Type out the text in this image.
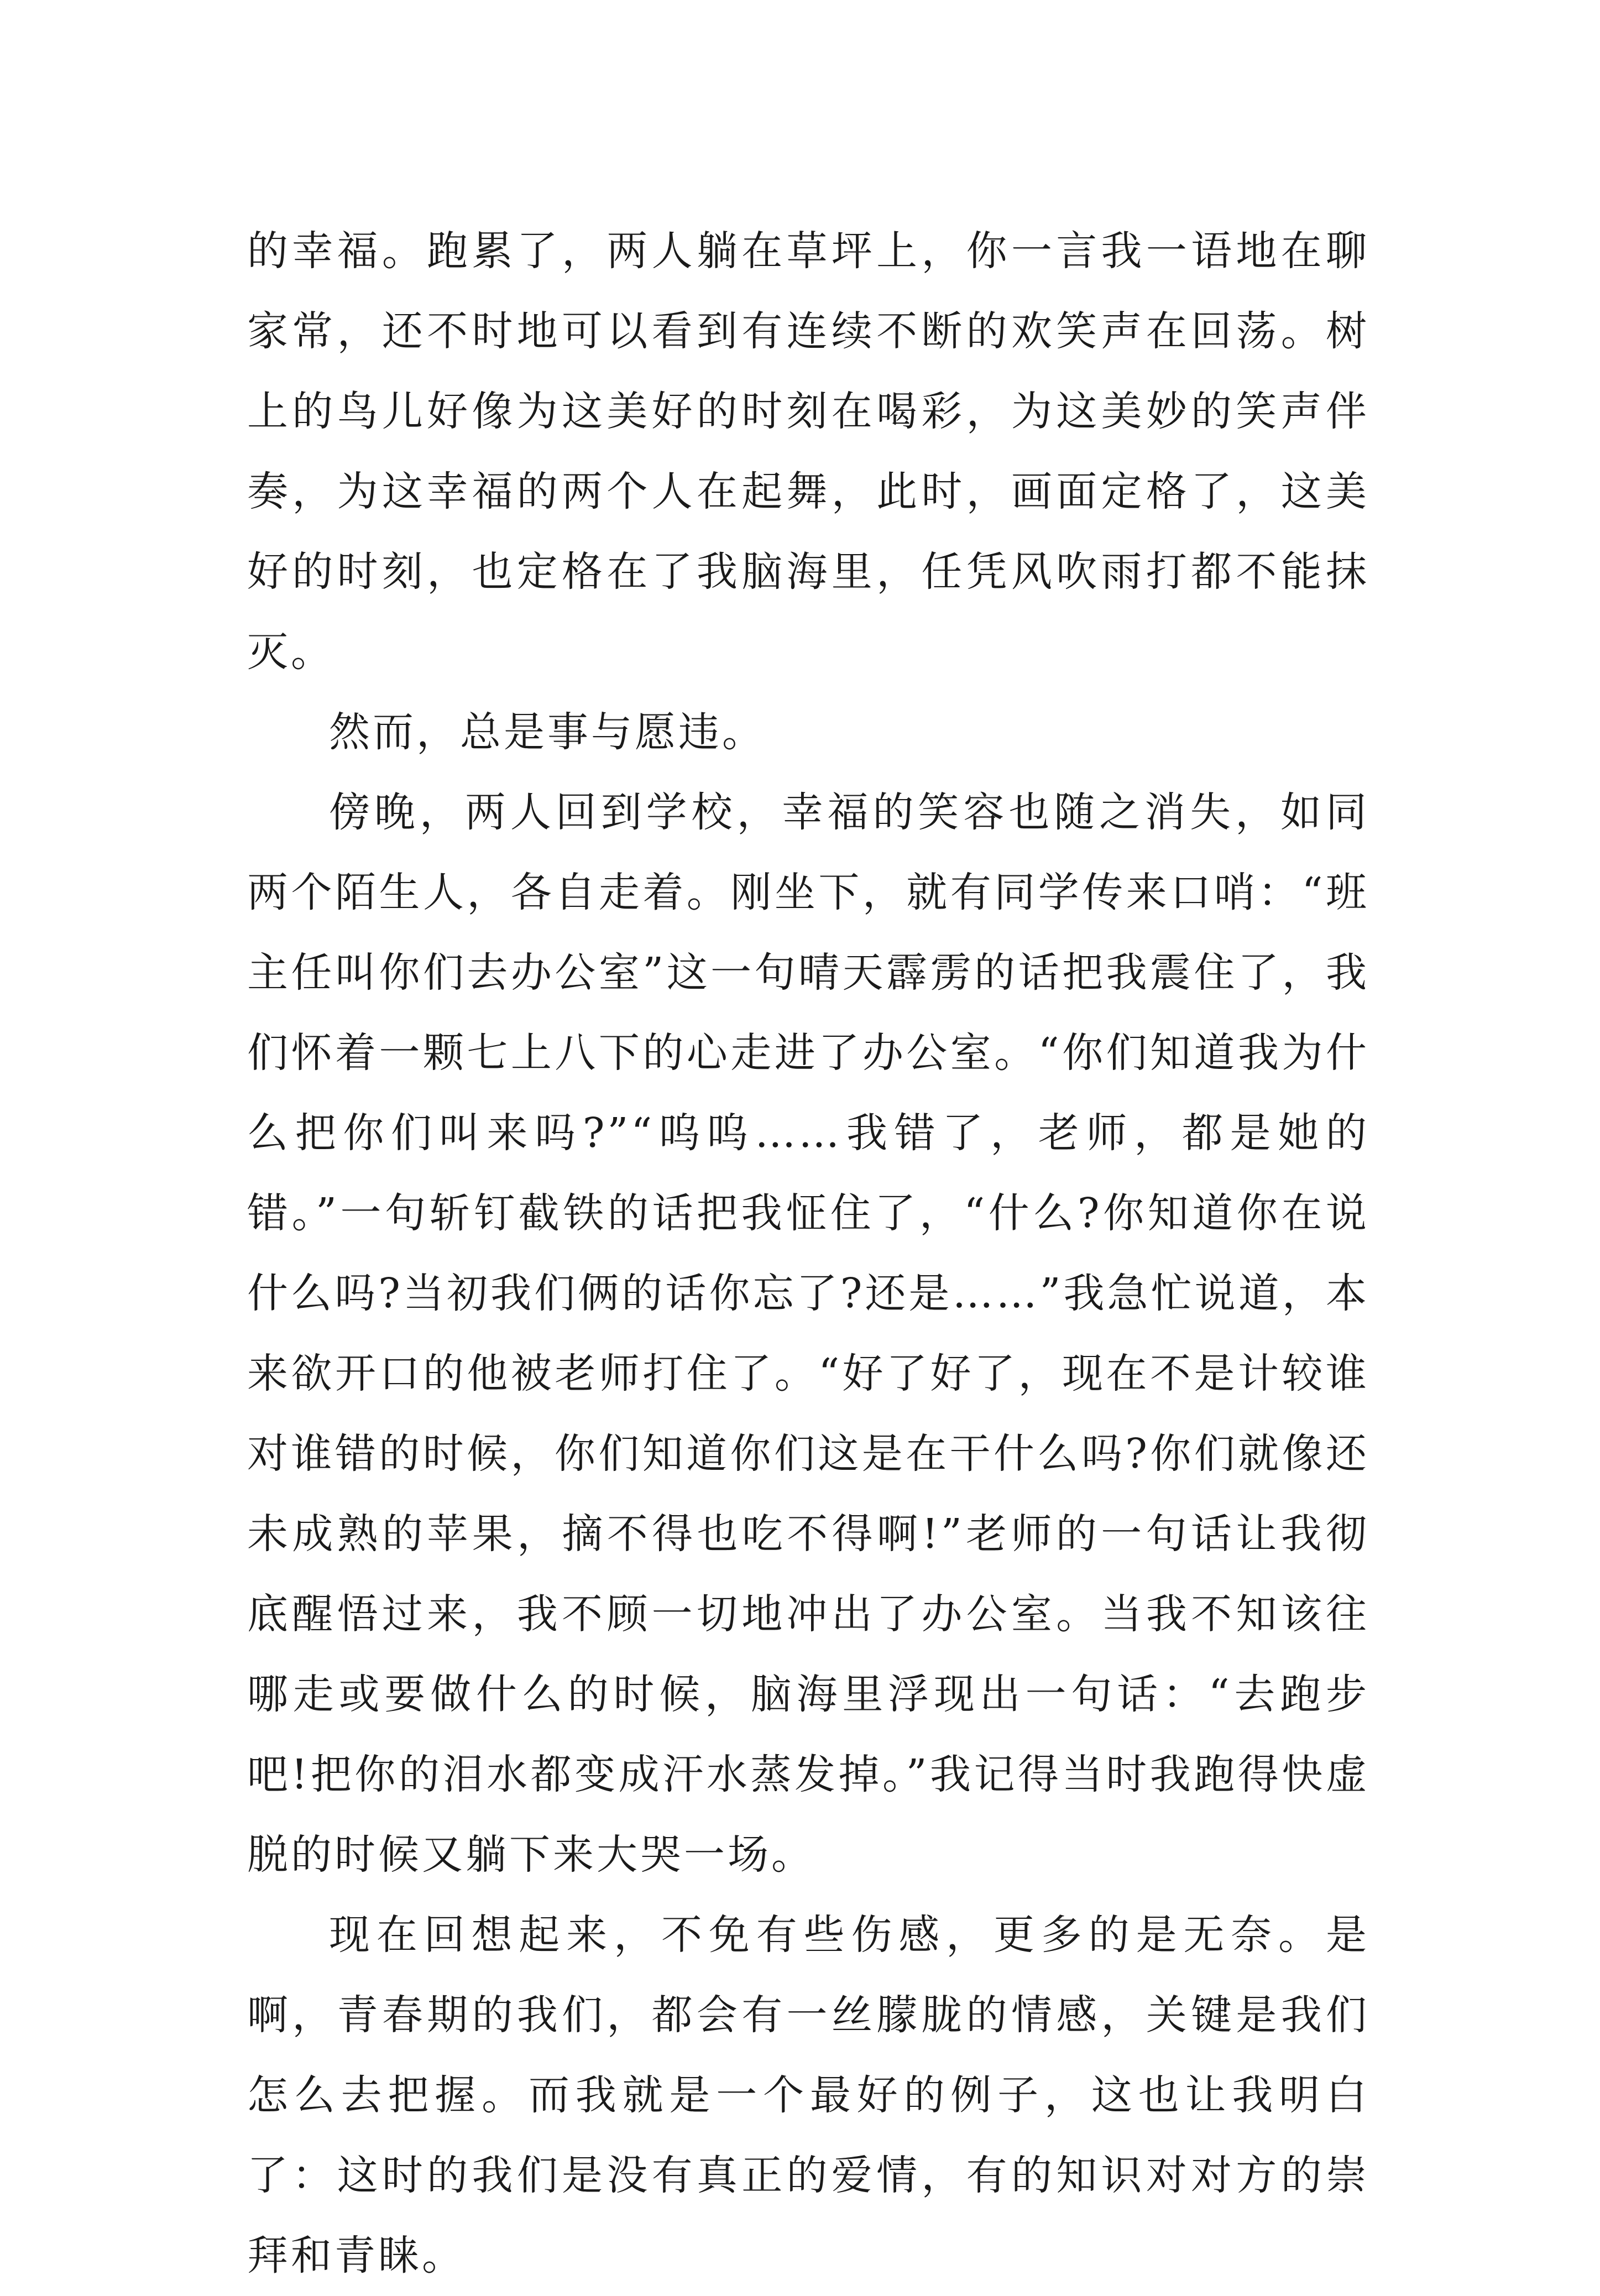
的幸福。跑累了，两人躺在草坪上，你一言我一语地在聊家常，还不时地可以看到有连续不断的欢笑声在回荡。树上的鸟儿好像为这美好的时刻在喝彩，为这美妙的笑声伴奏，为这幸福的两个人在起舞，此时，画面定格了，这美好的时刻，也定格在了我脑海里，任凭风吹雨打都不能抹灭。

然而，总是事与愿违。

傍晚，两人回到学校，幸福的笑容也随之消失，如同两个陌生人，各自走着。刚坐下，就有同学传来口哨：“班主任叫你们去办公室”这一句晴天霹雳的话把我震住了，我们怀着一颗七上八下的心走进了办公室。“你们知道我为什么把你们叫来吗?”“呜呜……我错了，老师，都是她的错。”一句斩钉截铁的话把我怔住了，“什么?你知道你在说什么吗?当初我们俩的话你忘了?还是……”我急忙说道，本来欲开口的他被老师打住了。“好了好了，现在不是计较谁对谁错的时候，你们知道你们这是在干什么吗?你们就像还未成熟的苹果，摘不得也吃不得啊!”老师的一句话让我彻底醒悟过来，我不顾一切地冲出了办公室。当我不知该往哪走或要做什么的时候，脑海里浮现出一句话：“去跑步吧!把你的泪水都变成汗水蒸发掉。”我记得当时我跑得快虚脱的时候又躺下来大哭一场。

现在回想起来，不免有些伤感，更多的是无奈。是啊，青春期的我们，都会有一丝朦胧的情感，关键是我们怎么去把握。而我就是一个最好的例子，这也让我明白了：这时的我们是没有真正的爱情，有的知识对对方的崇拜和青睐。
